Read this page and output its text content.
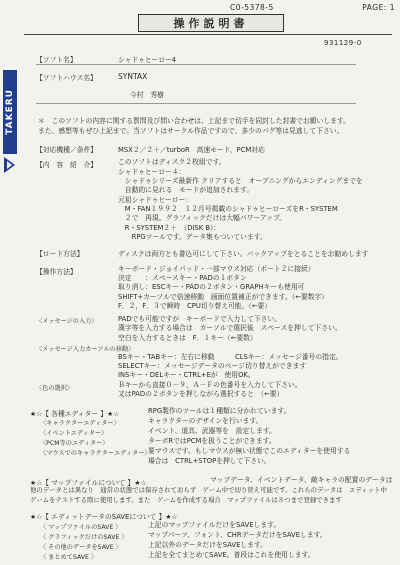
TAKERU
C0-5378-5	PAGE: 1
操作説明書
931129-0
【ソフト名】	シャドゥヒーロー4
【ソフトハウス名】	SYNTAX
今村　秀樹
＊　このソフトの内容に関する質問及び問い合わせは、上記まで切手を同封した封書でお願いします。
また、感想等もぜひ上記まで。当ソフトはサークル作品ですので、多少のバグ等は見逃して下さい。
【対応機種／条件】	MSX２／２＋／turboR　高速モード、PCM対応
【内　容　紹　介】	このソフトはディスク２枚組です。
シャドゥヒーロー４：
　シャドゥシリーズ最新作 クリアすると　オープニングからエンディングまでを
　自動的に見れる　モードが追加されます。
元祖シャドゥヒーロー：
　M・FAN１９９２　１２月号掲載のシャドゥヒーローズをR・SYSTEM
　２で　再現。グラフィックだけは大幅パワーアップ。
　R・SYSTEM２＋　（DISK B）：
　　RPGツールです。データ集もついています。
【ロード方法】	ディスクは両方とも書込可にして下さい。バックアップをとることをお勧めします
【操作方法】	キーボード・ジョイパッド・一部マウス対応（ポート２に接続）
決定　　：スペースキー・PADの１ボタン
取り消し：ESCキー・PADの２ボタン・GRAPHキーも使用可
SHIFT+カーソルで倍速移動　画面位置補正ができます。（←要数字）
F．２，F．３で瞬時　CPU切り替え可能。（←要）
〈メッセージの入力〉	PADでも可能ですが　キーボードで入力して下さい。
漢字等を入力する場合は　カーソルで選択後　スペースを押して下さい。
空白を入力するときは　F．１キー（←要数）
〈メッセージ入力カーソルの移動〉
BSキー・TABキー：左右に移動　　　CLSキー：メッセージ番号の指定。
SELECTキー：メッセージデータのページ切り替えができます
INSキー・DELキー・CTRL+Eが　使用OK。
〈色の選択〉	Ｂキーから直接０－９，Ａ－Ｆの色番号を入力して下さい。
又はPADの２ボタンを押しながら選択すると　（←要）
★☆【 各種エディター 】★☆	RPG製作のツールは１種類に分かれています。
〈キャラクターエディター〉	キャラクターのデザインを行います。
〈イベントエディター〉	イベント、道具、武器等を　設定します。
〈PCM等のエディター〉	ターボRではPCMを扱うことができます。
〈マウスでのキャラクターエディター〉
要マウスです。もしマウスが無い状態でこのエディターを使用する
場合は　CTRL+STOPを押して下さい。
★☆【 マップファイルについて 】★☆	マップデータ、イベントデータ、敵キャラの配置のデータは
他のデータとは異なり　通常の状態では保存されておらず　ゲーム中で切り替え可能です。これらのデータは　エディット中
ゲームをテストする際に使用します。また　ゲームを作成する場合　マップファイルは８つまで登録できます
★☆【 エディットデータのSAVEについて 】★☆
〈 マップファイルのSAVE 〉	上記のマップファイルだけをSAVEします。
〈 グラフィックだけのSAVE 〉	マップパーツ、フォント、CHRデータだけをSAVEします。
〈 その他のデータをSAVE 〉	上記以外のデータだけをSAVEします。
〈 まとめてSAVE 〉	上記を全てまとめてSAVE。普段はこれを使用します。
